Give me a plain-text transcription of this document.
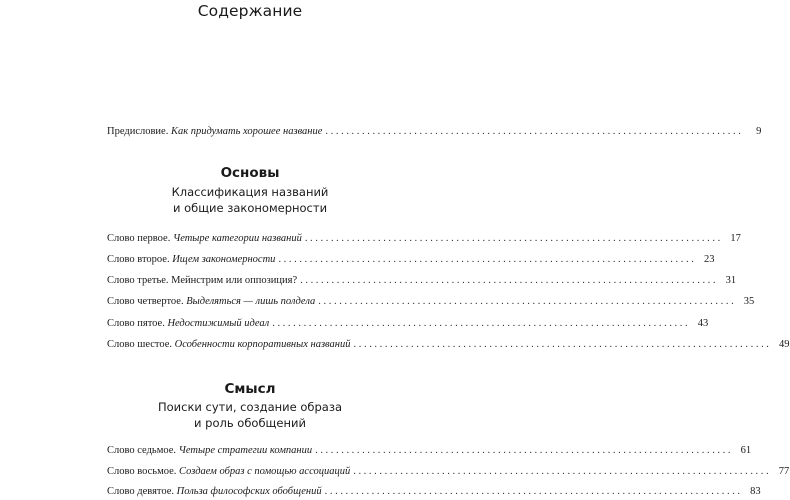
Содержание
Предисловие.
Как придумать хорошее название ................................................................................	9
Основы
Классификация названий
и общие закономерности
Слово первое.
Четыре категории названий ................................................................................ 17
Слово второе.
Ищем закономерности ................................................................................ 23
Слово третье. Мейнстрим или оппозиция? ................................................................................ 31
Слово четвертое.
Выделяться — лишь полдела ................................................................................ 35
Слово пятое.
Недостижимый идеал ................................................................................ 43
Слово шестое.
Особенности корпоративных названий ................................................................................ 49
Смысл
Поиски сути, создание образа
и роль обобщений
Слово седьмое.
Четыре стратегии компании ................................................................................ 61
Слово восьмое.
Создаем образ с помощью ассоциаций ................................................................................ 77
Слово девятое.
Польза философских обобщений ................................................................................ 83
